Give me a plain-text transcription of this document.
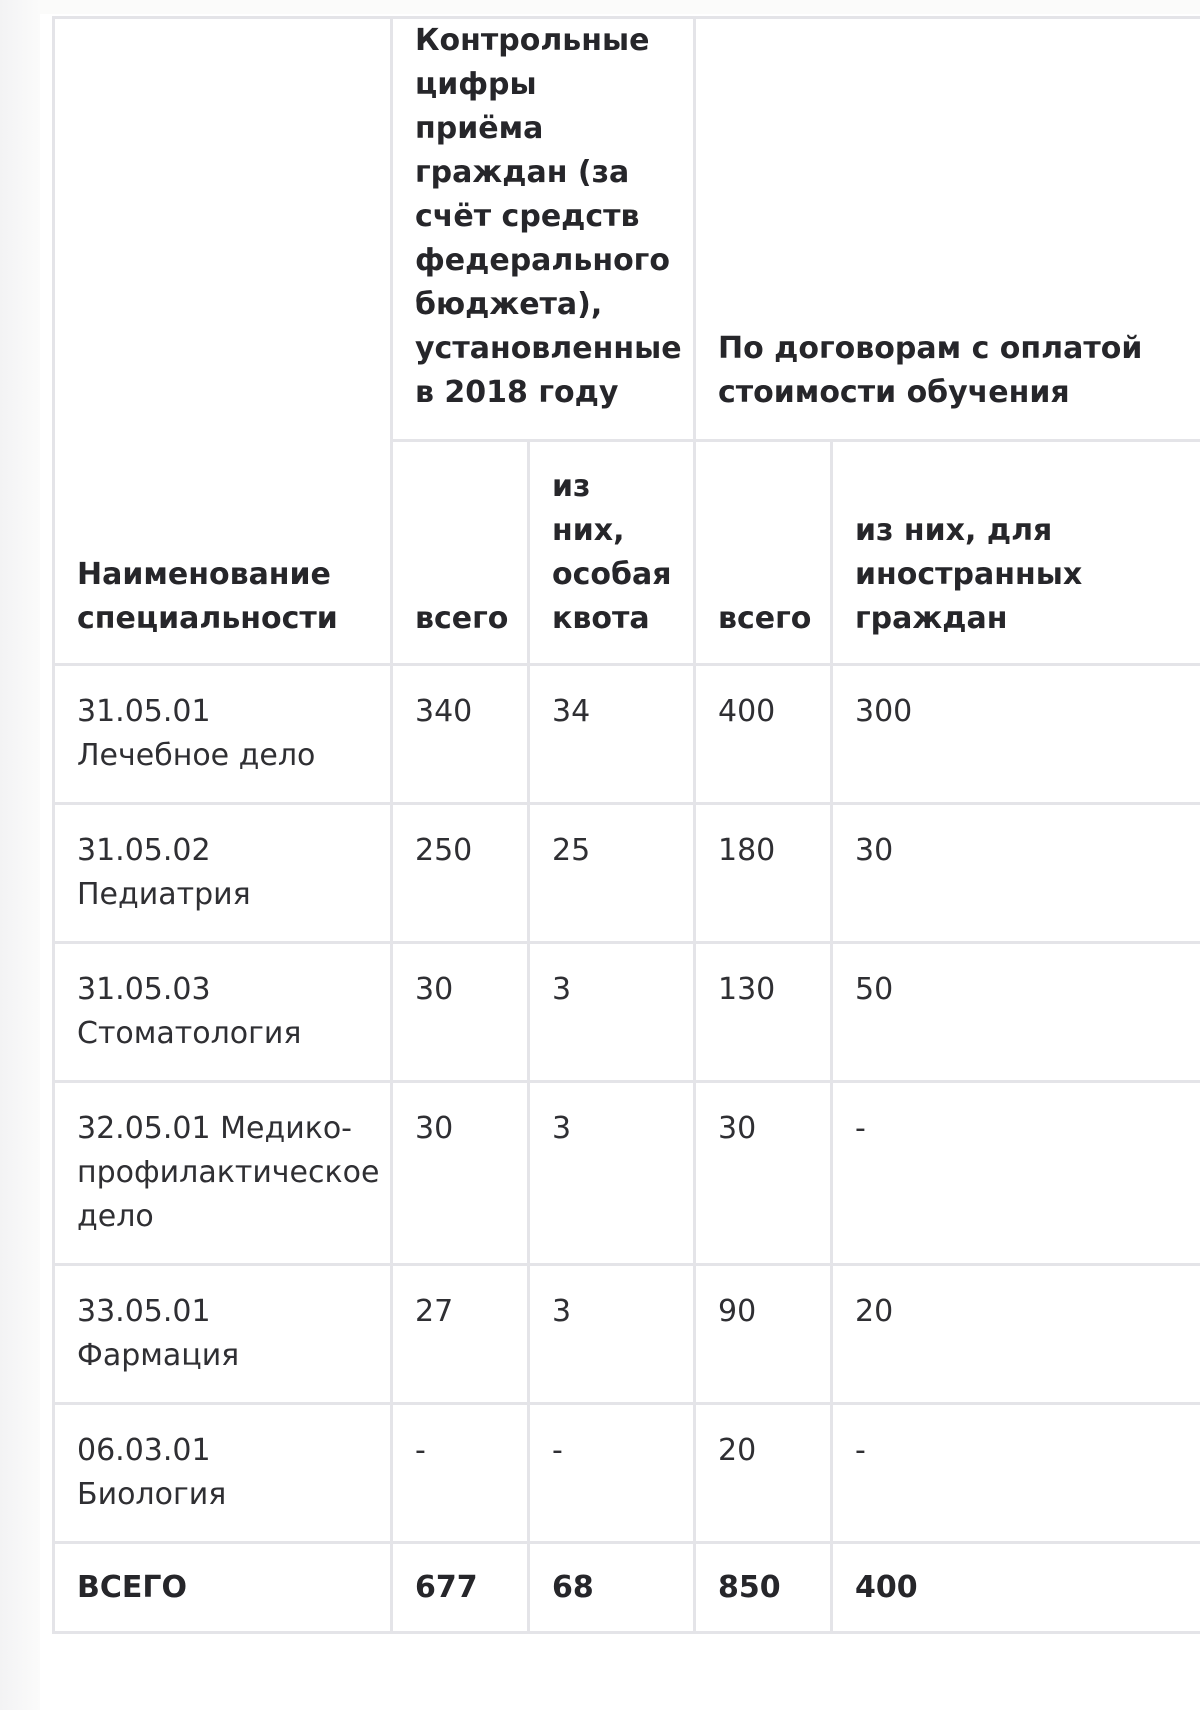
Наименование специальности	Контрольные цифры приёма граждан (за счёт средств федерального бюджета), установленные в 2018 году		По договорам с оплатой стоимости обучения	
	всего	из них, особая квота	всего	из них, для иностранных граждан
31.05.01 Лечебное дело	340	34	400	300
31.05.02 Педиатрия	250	25	180	30
31.05.03 Стоматология	30	3	130	50
32.05.01 Медико-профилактическое дело	30	3	30	-
33.05.01 Фармация	27	3	90	20
06.03.01 Биология	-	-	20	-
ВСЕГО	677	68	850	400
